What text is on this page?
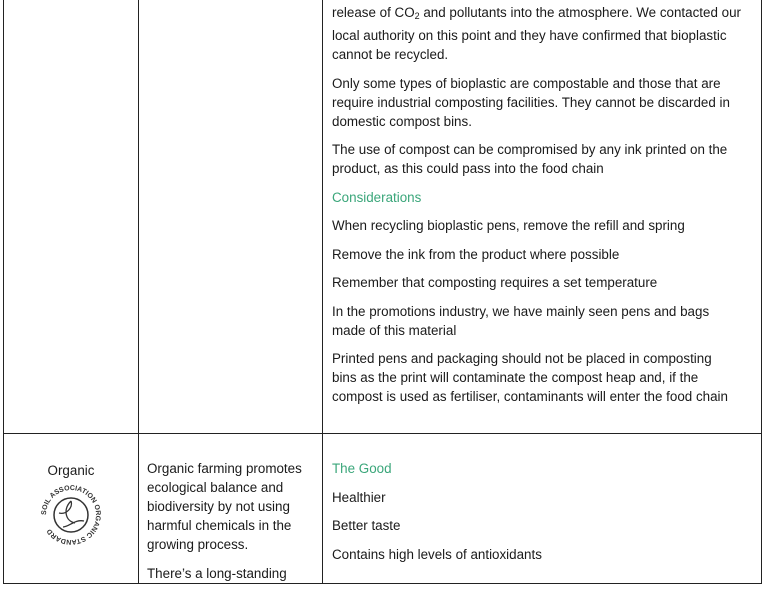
release of $CO_2$ and pollutants into the atmosphere. We contacted our local authority on this point and they have confirmed that bioplastic cannot be recycled.

Only some types of bioplastic are compostable and those that are require industrial composting facilities. They cannot be discarded in domestic compost bins.

The use of compost can be compromised by any ink printed on the product, as this could pass into the food chain

Considerations

When recycling bioplastic pens, remove the refill and spring

Remove the ink from the product where possible

Remember that composting requires a set temperature

In the promotions industry, we have mainly seen pens and bags made of this material

Printed pens and packaging should not be placed in composting bins as the print will contaminate the compost heap and, if the compost is used as fertiliser, contaminants will enter the food chain

Organic
SOIL ASSOCIATION ORGANIC STANDARD

Organic farming promotes ecological balance and biodiversity by not using harmful chemicals in the growing process.

There’s a long-standing

The Good

Healthier

Better taste

Contains high levels of antioxidants
